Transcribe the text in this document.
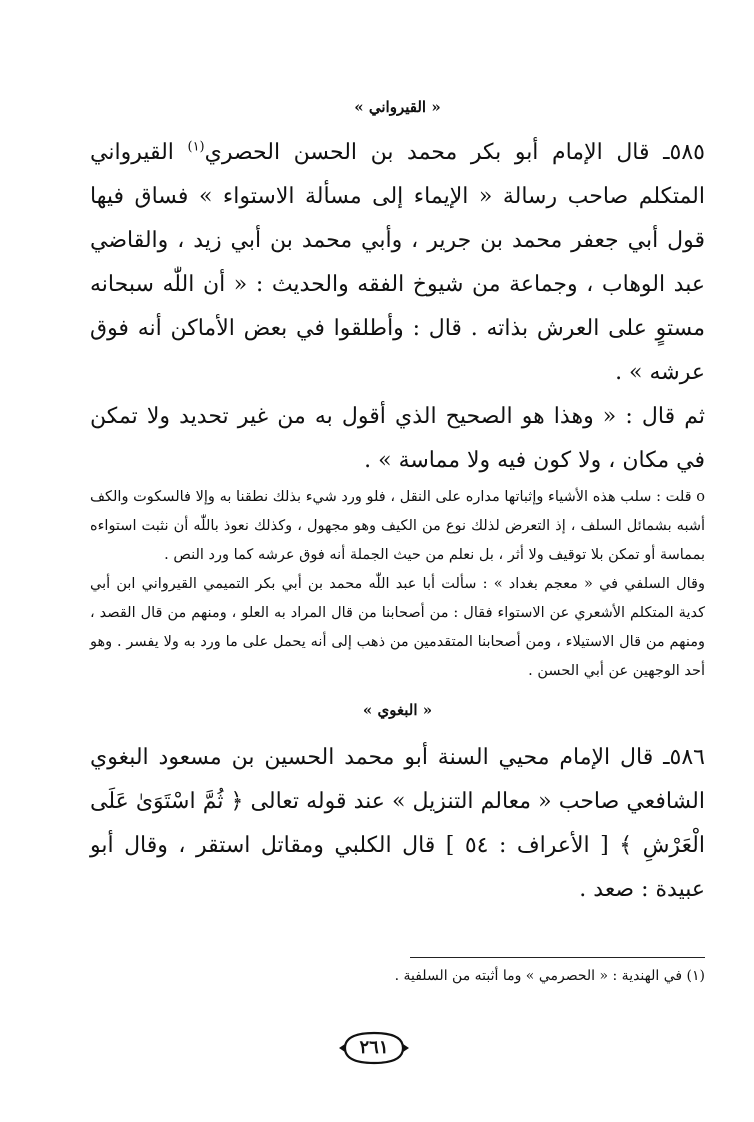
« القيرواني »

٥٨٥ـ قال الإمام أبو بكر محمد بن الحسن الحصري$^{(١)}$ القيرواني المتكلم صاحب رسالة « الإيماء إلى مسألة الاستواء » فساق فيها قول أبي جعفر محمد بن جرير ، وأبي محمد بن أبي زيد ، والقاضي عبد الوهاب ، وجماعة من شيوخ الفقه والحديث : « أن اللّٰه سبحانه مستوٍ على العرش بذاته . قال : وأطلقوا في بعض الأماكن أنه فوق عرشه » .

ثم قال : « وهذا هو الصحيح الذي أقول به من غير تحديد ولا تمكن في مكان ، ولا كون فيه ولا مماسة » .

o قلت : سلب هذه الأشياء وإثباتها مداره على النقل ، فلو ورد شيء بذلك نطقنا به وإلا فالسكوت والكف أشبه بشمائل السلف ، إذ التعرض لذلك نوع من الكيف وهو مجهول ، وكذلك نعوذ باللّٰه أن نثبت استواءه بمماسة أو تمكن بلا توقيف ولا أثر ، بل نعلم من حيث الجملة أنه فوق عرشه كما ورد النص .

وقال السلفي في « معجم بغداد » : سألت أبا عبد اللّٰه محمد بن أبي بكر التميمي القيرواني ابن أبي كدية المتكلم الأشعري عن الاستواء فقال : من أصحابنا من قال المراد به العلو ، ومنهم من قال القصد ، ومنهم من قال الاستيلاء ، ومن أصحابنا المتقدمين من ذهب إلى أنه يحمل على ما ورد به ولا يفسر . وهو أحد الوجهين عن أبي الحسن .

« البغوي »

٥٨٦ـ قال الإمام محيي السنة أبو محمد الحسين بن مسعود البغوي الشافعي صاحب « معالم التنزيل » عند قوله تعالى ﴿ ثُمَّ اسْتَوَىٰ عَلَى الْعَرْشِ ﴾ [ الأعراف : ٥٤ ] قال الكلبي ومقاتل استقر ، وقال أبو عبيدة : صعد .

(١) في الهندية : « الحصرمي » وما أثبته من السلفية .
٢٦١
